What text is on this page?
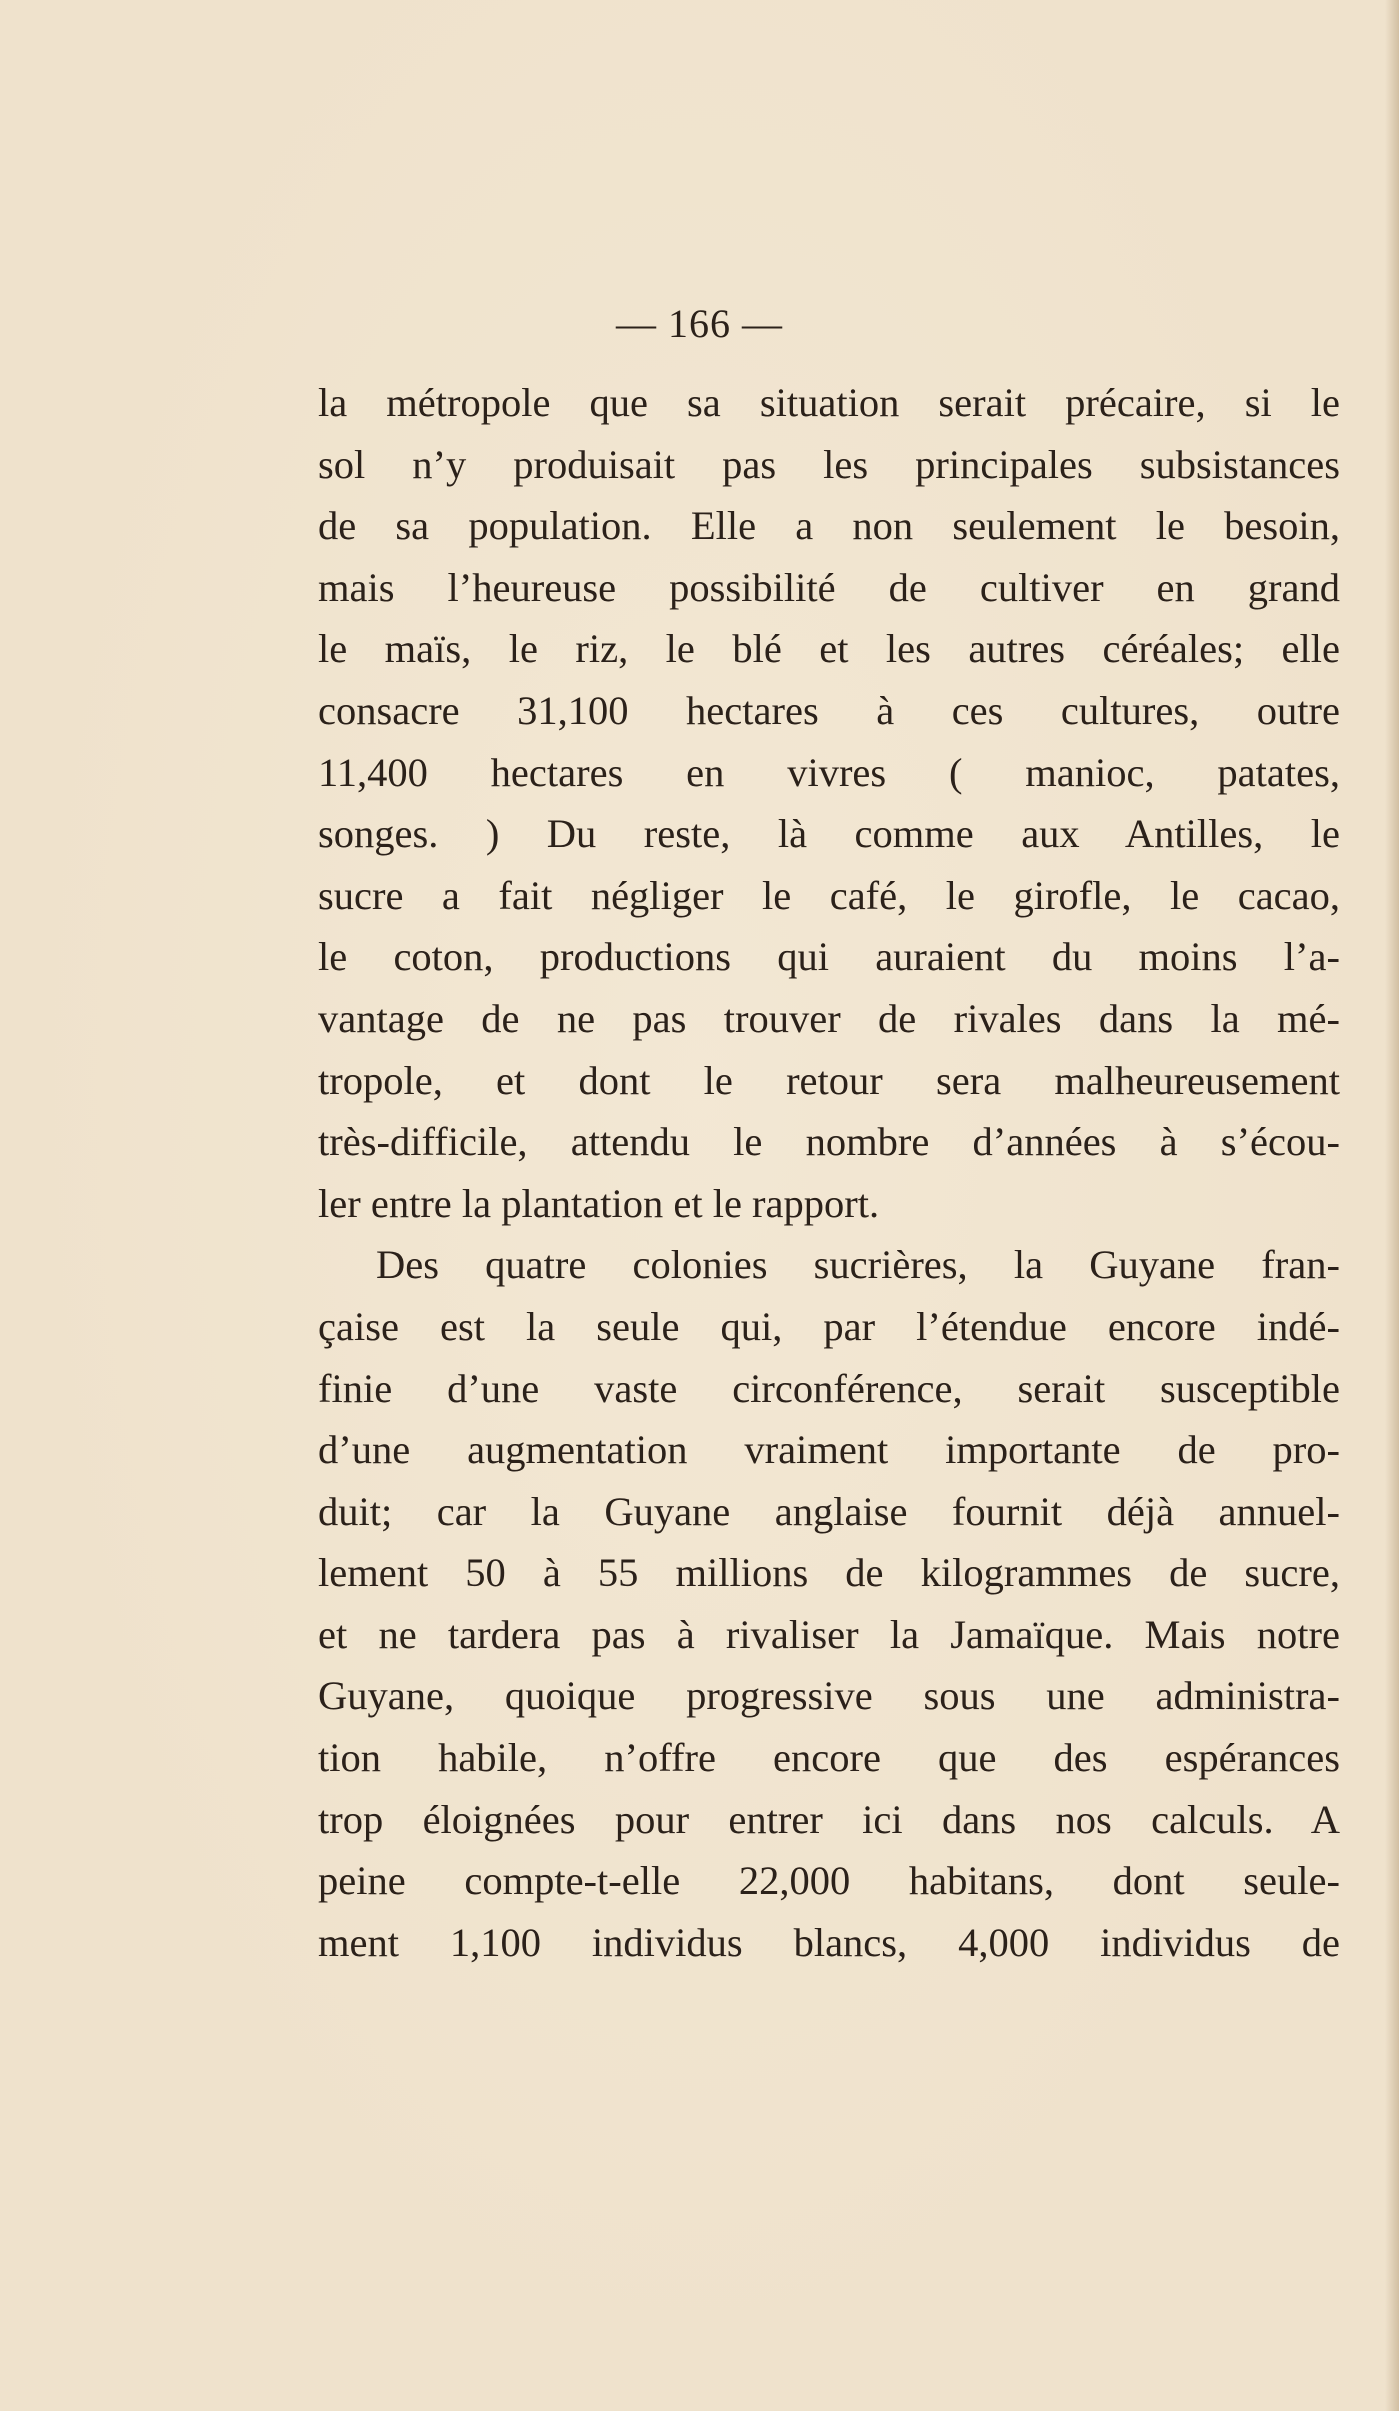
— 166 —
la métropole que sa situation serait précaire, si le
sol n’y produisait pas les principales subsistances
de sa population. Elle a non seulement le besoin,
mais l’heureuse possibilité de cultiver en grand
le maïs, le riz, le blé et les autres céréales; elle
consacre 31,100 hectares à ces cultures, outre
11,400 hectares en vivres ( manioc, patates,
songes. ) Du reste, là comme aux Antilles, le
sucre a fait négliger le café, le girofle, le cacao,
le coton, productions qui auraient du moins l’a-
vantage de ne pas trouver de rivales dans la mé-
tropole, et dont le retour sera malheureusement
très-difficile, attendu le nombre d’années à s’écou-
ler entre la plantation et le rapport.
Des quatre colonies sucrières, la Guyane fran-
çaise est la seule qui, par l’étendue encore indé-
finie d’une vaste circonférence, serait susceptible
d’une augmentation vraiment importante de pro-
duit; car la Guyane anglaise fournit déjà annuel-
lement 50 à 55 millions de kilogrammes de sucre,
et ne tardera pas à rivaliser la Jamaïque. Mais notre
Guyane, quoique progressive sous une administra-
tion habile, n’offre encore que des espérances
trop éloignées pour entrer ici dans nos calculs. A
peine compte-t-elle 22,000 habitans, dont seule-
ment 1,100 individus blancs, 4,000 individus de
